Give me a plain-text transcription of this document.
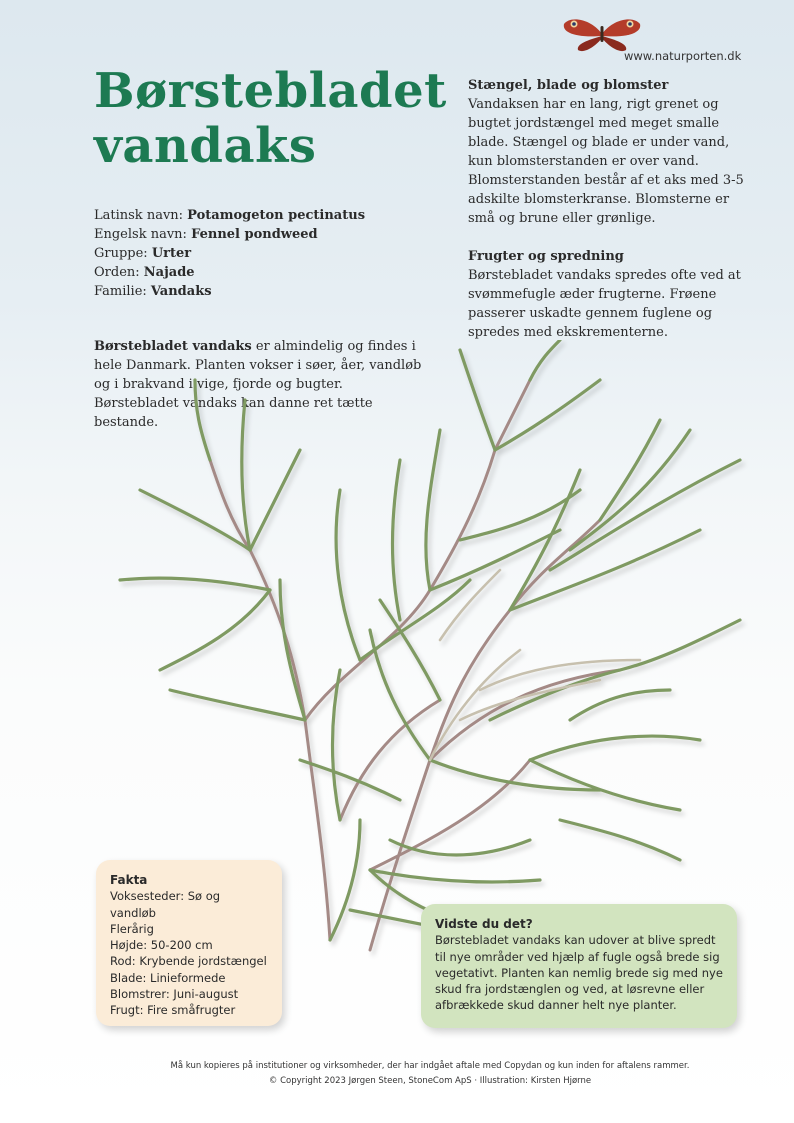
www.naturporten.dk
Børstebladet
vandaks
Latinsk navn: Potamogeton pectinatus
Engelsk navn: Fennel pondweed
Gruppe: Urter
Orden: Najade
Familie: Vandaks

Børstebladet vandaks er almindelig og findes i hele Danmark. Planten vokser i søer, åer, vandløb og i brakvand i vige, fjorde og bugter. Børstebladet vandaks kan danne ret tætte bestande.

Stængel, blade og blomster

Vandaksen har en lang, rigt grenet og bugtet jordstængel med meget smalle blade. Stængel og blade er under vand, kun blomsterstanden er over vand. Blomsterstanden består af et aks med 3-5 adskilte blomsterkranse. Blomsterne er små og brune eller grønlige.

Frugter og spredning

Børstebladet vandaks spredes ofte ved at svømmefugle æder frugterne. Frøene passerer uskadte gennem fuglene og spredes med ekskrementerne.

Fakta
Voksesteder: Sø og vandløb
Flerårig
Højde: 50-200 cm
Rod: Krybende jordstængel
Blade: Linieformede
Blomstrer: Juni-august
Frugt: Fire småfrugter
Vidste du det?
Børstebladet vandaks kan udover at blive spredt til nye områder ved hjælp af fugle også brede sig vegetativt. Planten kan nemlig brede sig med nye skud fra jordstænglen og ved, at løsrevne eller afbrækkede skud danner helt nye planter.
Må kun kopieres på institutioner og virksomheder, der har indgået aftale med Copydan og kun inden for aftalens rammer.
© Copyright 2023 Jørgen Steen, StoneCom ApS · Illustration: Kirsten Hjørne
